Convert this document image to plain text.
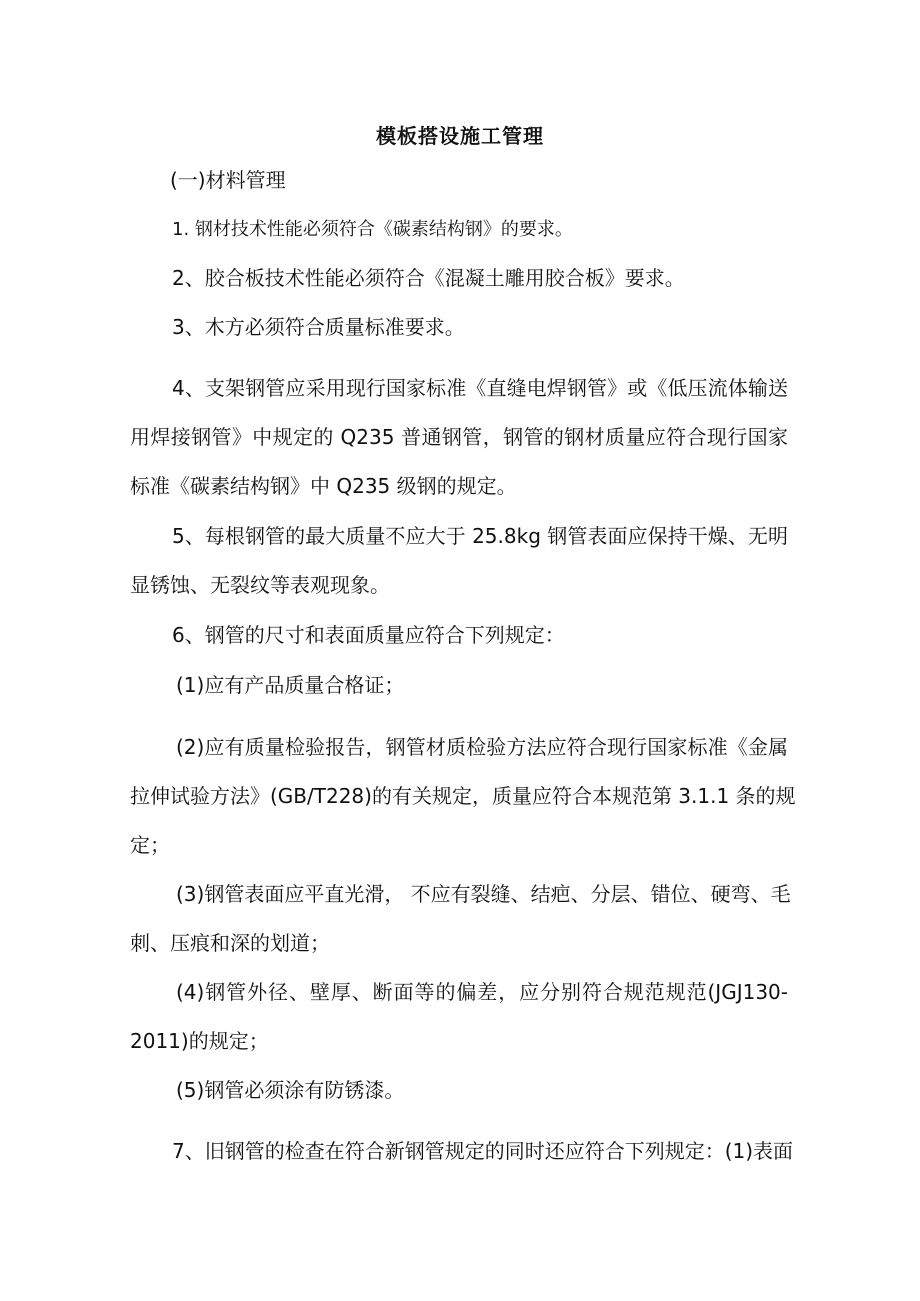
模板搭设施工管理
(一)材料管理
1. 钢材技术性能必须符合《碳素结构钢》的要求。
2、胶合板技术性能必须符合《混凝土雕用胶合板》要求。
3、木方必须符合质量标准要求。
4、支架钢管应采用现行国家标准《直缝电焊钢管》或《低压流体输送
用焊接钢管》中规定的 Q235 普通钢管，钢管的钢材质量应符合现行国家
标准《碳素结构钢》中 Q235 级钢的规定。
5、每根钢管的最大质量不应大于 25.8kg 钢管表面应保持干燥、无明
显锈蚀、无裂纹等表观现象。
6、钢管的尺寸和表面质量应符合下列规定：
(1)应有产品质量合格证；
(2)应有质量检验报告，钢管材质检验方法应符合现行国家标准《金属
拉伸试验方法》(GB/T228)的有关规定，质量应符合本规范第 3.1.1 条的规
定；
(3)钢管表面应平直光滑， 不应有裂缝、结疤、分层、错位、硬弯、毛
刺、压痕和深的划道；
(4)钢管外径、壁厚、断面等的偏差，应分别符合规范规范(JGJ130-
2011)的规定；
(5)钢管必须涂有防锈漆。
7、旧钢管的检查在符合新钢管规定的同时还应符合下列规定：(1)表面
